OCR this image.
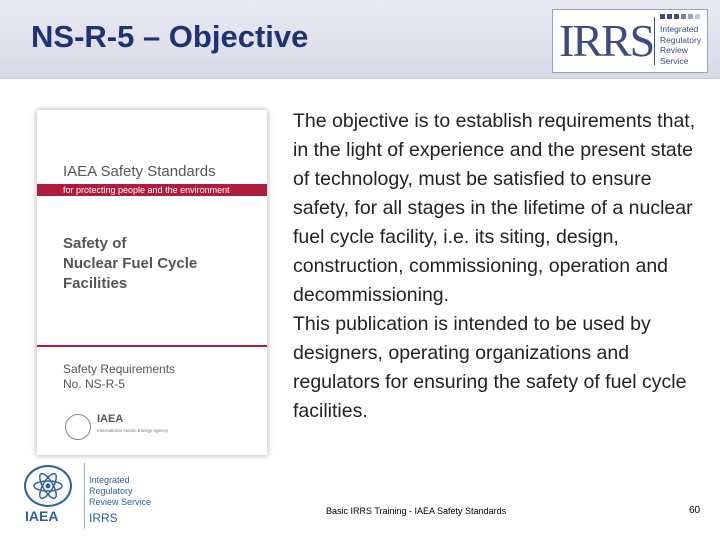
NS-R-5 – Objective	IRRS Integrated
Regulatory
Review
Service
IAEA Safety Standards
for protecting people and the environment
Safety of
Nuclear Fuel Cycle
Facilities
Safety Requirements
No. NS-R-5
IAEA
International Atomic Energy Agency
IAEA
Integrated
Regulatory
Review Service
IRRS

The objective is to establish requirements that, in the light of experience and the present state of technology, must be satisfied to ensure safety, for all stages in the lifetime of a nuclear fuel cycle facility, i.e. its siting, design, construction, commissioning, operation and decommissioning.

This publication is intended to be used by designers, operating organizations and regulators for ensuring the safety of fuel cycle facilities.

Basic IRRS Training - IAEA Safety Standards	60
